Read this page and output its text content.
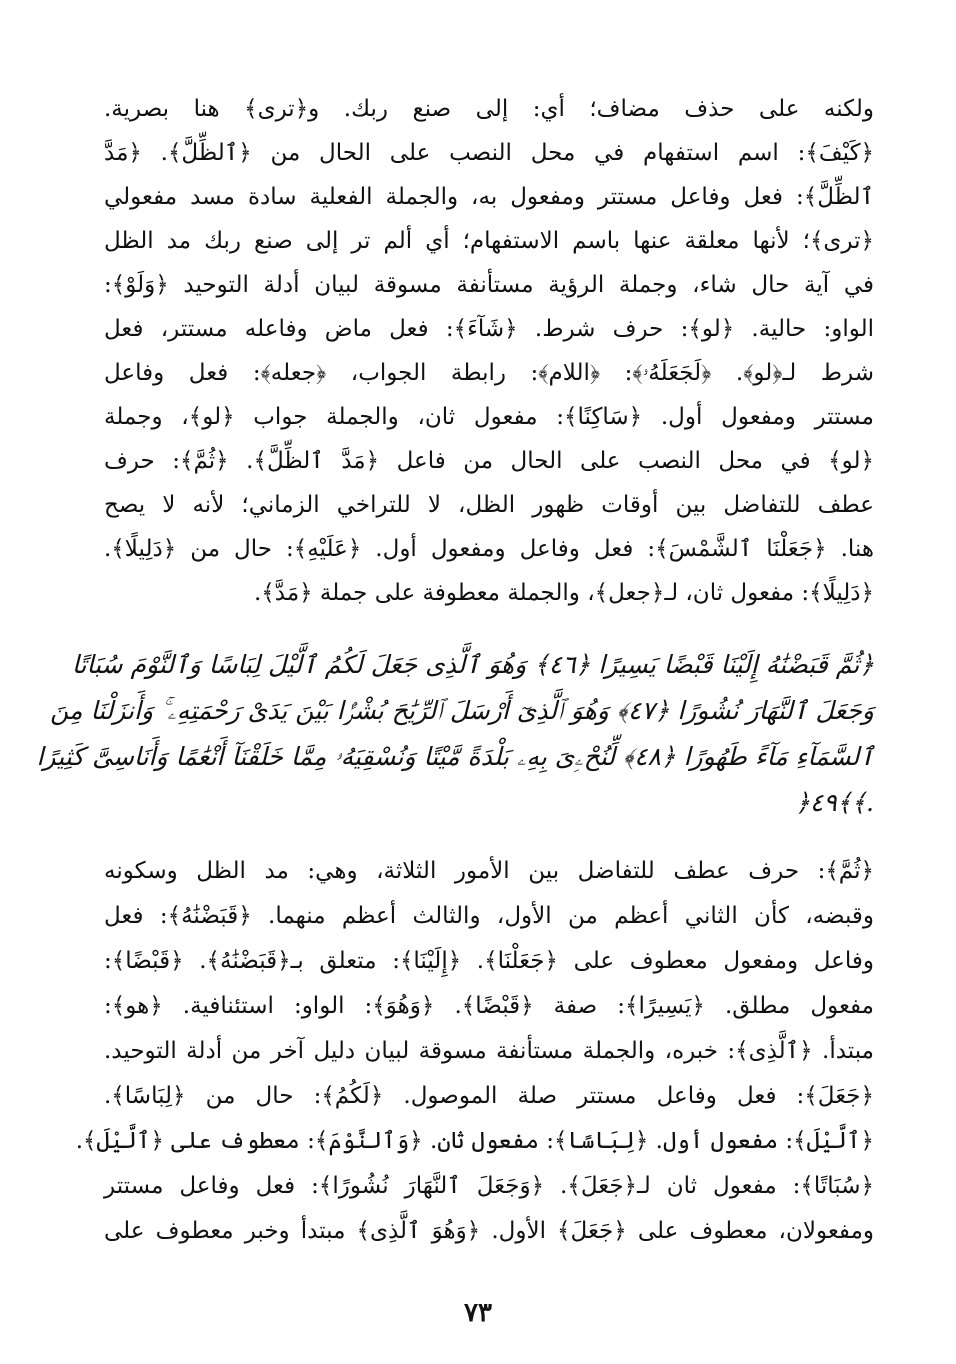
ولكنه على حذف مضاف؛ أي: إلى صنع ربك. و﴿ترى﴾ هنا بصرية.
﴿كَيْفَ﴾: اسم استفهام في محل النصب على الحال من ﴿ٱلظِّلَّ﴾. ﴿مَدَّ
ٱلظِّلَّ﴾: فعل وفاعل مستتر ومفعول به، والجملة الفعلية سادة مسد مفعولي
﴿ترى﴾؛ لأنها معلقة عنها باسم الاستفهام؛ أي ألم تر إلى صنع ربك مد الظل
في آية حال شاء، وجملة الرؤية مستأنفة مسوقة لبيان أدلة التوحيد ﴿وَلَوْ﴾:
الواو: حالية. ﴿لو﴾: حرف شرط. ﴿شَآءَ﴾: فعل ماض وفاعله مستتر، فعل
شرط لـ﴿لو﴾. ﴿لَجَعَلَهُۥ﴾: ﴿اللام﴾: رابطة الجواب، ﴿جعله﴾: فعل وفاعل
مستتر ومفعول أول. ﴿سَاكِنًا﴾: مفعول ثان، والجملة جواب ﴿لو﴾، وجملة
﴿لو﴾ في محل النصب على الحال من فاعل ﴿مَدَّ ٱلظِّلَّ﴾. ﴿ثُمَّ﴾: حرف
عطف للتفاضل بين أوقات ظهور الظل، لا للتراخي الزماني؛ لأنه لا يصح
هنا. ﴿جَعَلْنَا ٱلشَّمْسَ﴾: فعل وفاعل ومفعول أول. ﴿عَلَيْهِ﴾: حال من ﴿دَلِيلًا﴾.
﴿دَلِيلًا﴾: مفعول ثان، لـ﴿جعل﴾، والجملة معطوفة على جملة ﴿مَدَّ﴾.
﴿ثُمَّ قَبَضْنَٰهُ إِلَيْنَا قَبْضًا يَسِيرًا ﴿٤٦﴾ وَهُوَ ٱلَّذِى جَعَلَ لَكُمُ ٱلَّيْلَ لِبَاسًا وَٱلنَّوْمَ سُبَاتًا
وَجَعَلَ ٱلنَّهَارَ نُشُورًا ﴿٤٧﴾ وَهُوَ ٱلَّذِىٓ أَرْسَلَ ٱلرِّيَٰحَ بُشْرًۢا بَيْنَ يَدَىْ رَحْمَتِهِۦ ۚ وَأَنزَلْنَا مِنَ
ٱلسَّمَآءِ مَآءً طَهُورًا ﴿٤٨﴾ لِّنُحْۦِىَ بِهِۦ بَلْدَةً مَّيْتًا وَنُسْقِيَهُۥ مِمَّا خَلَقْنَآ أَنْعَٰمًا وَأَنَاسِىَّ كَثِيرًا
﴿٤٩﴾﴾.
﴿ثُمَّ﴾: حرف عطف للتفاضل بين الأمور الثلاثة، وهي: مد الظل وسكونه
وقبضه، كأن الثاني أعظم من الأول، والثالث أعظم منهما. ﴿قَبَضْنَٰهُ﴾: فعل
وفاعل ومفعول معطوف على ﴿جَعَلْنَا﴾. ﴿إِلَيْنَا﴾: متعلق بـ﴿قَبَضْنَٰهُ﴾. ﴿قَبْضًا﴾:
مفعول مطلق. ﴿يَسِيرًا﴾: صفة ﴿قَبْضًا﴾. ﴿وَهُوَ﴾: الواو: استئنافية. ﴿هو﴾:
مبتدأ. ﴿ٱلَّذِى﴾: خبره، والجملة مستأنفة مسوقة لبيان دليل آخر من أدلة التوحيد.
﴿جَعَلَ﴾: فعل وفاعل مستتر صلة الموصول. ﴿لَكُمُ﴾: حال من ﴿لِبَاسًا﴾.
﴿ٱلَّيْلَ﴾: مفعول أول. ﴿لِبَاسًا﴾: مفعول ثان. ﴿وَٱلنَّوْمَ﴾: معطوف على ﴿ٱلَّيْلَ﴾.
﴿سُبَاتًا﴾: مفعول ثان لـ﴿جَعَلَ﴾. ﴿وَجَعَلَ ٱلنَّهَارَ نُشُورًا﴾: فعل وفاعل مستتر
ومفعولان، معطوف على ﴿جَعَلَ﴾ الأول. ﴿وَهُوَ ٱلَّذِى﴾ مبتدأ وخبر معطوف على
٧٣
